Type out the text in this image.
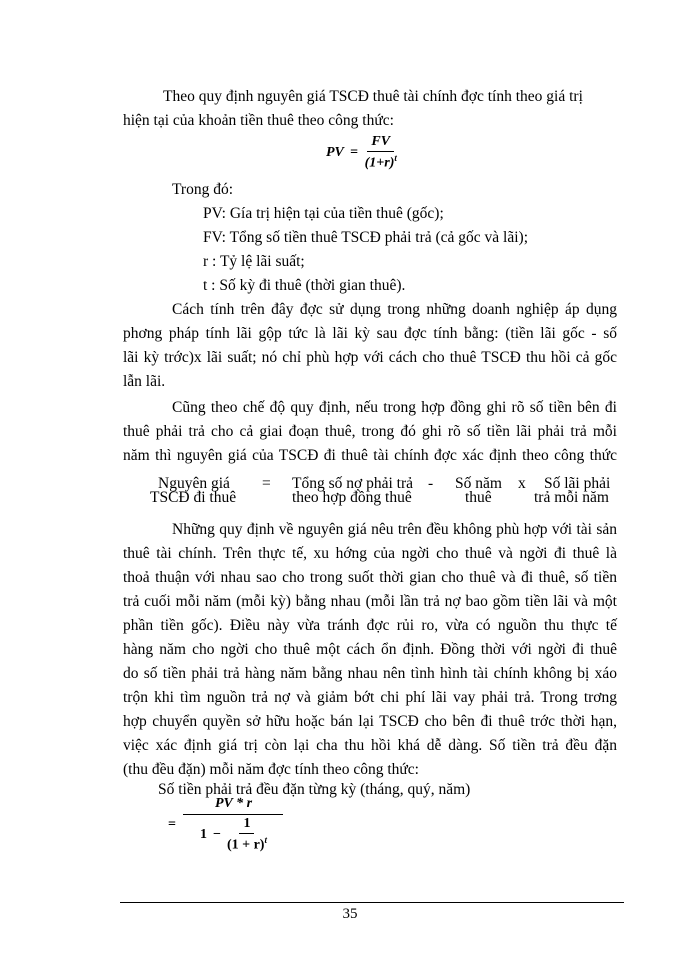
Theo quy định nguyên giá TSCĐ thuê tài chính đợc tính theo giá trị
hiện tại của khoản tiền thuê theo công thức:
PV = $\frac{FV}{(1+r)^t}$
Trong đó:
PV: Gía trị hiện tại của tiền thuê (gốc);
FV: Tổng số tiền thuê TSCĐ phải trả (cả gốc và lãi);
r : Tỷ lệ lãi suất;
t : Số kỳ đi thuê (thời gian thuê).
Cách tính trên đây đợc sử dụng trong những doanh nghiệp áp dụng
phơng pháp tính lãi gộp tức là lãi kỳ sau đợc tính bằng: (tiền lãi gốc - số
lãi kỳ trớc)x lãi suất; nó chỉ phù hợp với cách cho thuê TSCĐ thu hồi cả gốc
lẫn lãi.
Cũng theo chế độ quy định, nếu trong hợp đồng ghi rõ số tiền bên đi
thuê phải trả cho cả giai đoạn thuê, trong đó ghi rõ số tiền lãi phải trả mỗi
năm thì nguyên giá của TSCĐ đi thuê tài chính đợc xác định theo công thức
Nguyên giá
TSCĐ đi thuê
= Tổng số nợ phải trả
theo hợp đồng thuê
- Số năm
thuê
x Số lãi phải
trả mỗi năm
Những quy định về nguyên giá nêu trên đều không phù hợp với tài sản
thuê tài chính. Trên thực tế, xu hớng của ngời cho thuê và ngời đi thuê là
thoả thuận với nhau sao cho trong suốt thời gian cho thuê và đi thuê, số tiền
trả cuối mỗi năm (mỗi kỳ) bằng nhau (mỗi lần trả nợ bao gồm tiền lãi và một
phần tiền gốc). Điều này vừa tránh đợc rủi ro, vừa có nguồn thu thực tế
hàng năm cho ngời cho thuê một cách ổn định. Đồng thời với ngời đi thuê
do số tiền phải trả hàng năm bằng nhau nên tình hình tài chính không bị xáo
trộn khi tìm nguồn trả nợ và giảm bớt chi phí lãi vay phải trả. Trong trơng
hợp chuyển quyền sở hữu hoặc bán lại TSCĐ cho bên đi thuê trớc thời hạn,
việc xác định giá trị còn lại cha thu hồi khá dễ dàng. Số tiền trả đều đặn
(thu đều đặn) mỗi năm đợc tính theo công thức:
Số tiền phải trả đều đặn từng kỳ (tháng, quý, năm)
= $\frac{PV * r}{1 - \frac{1}{(1 + r)^t}}$
35
